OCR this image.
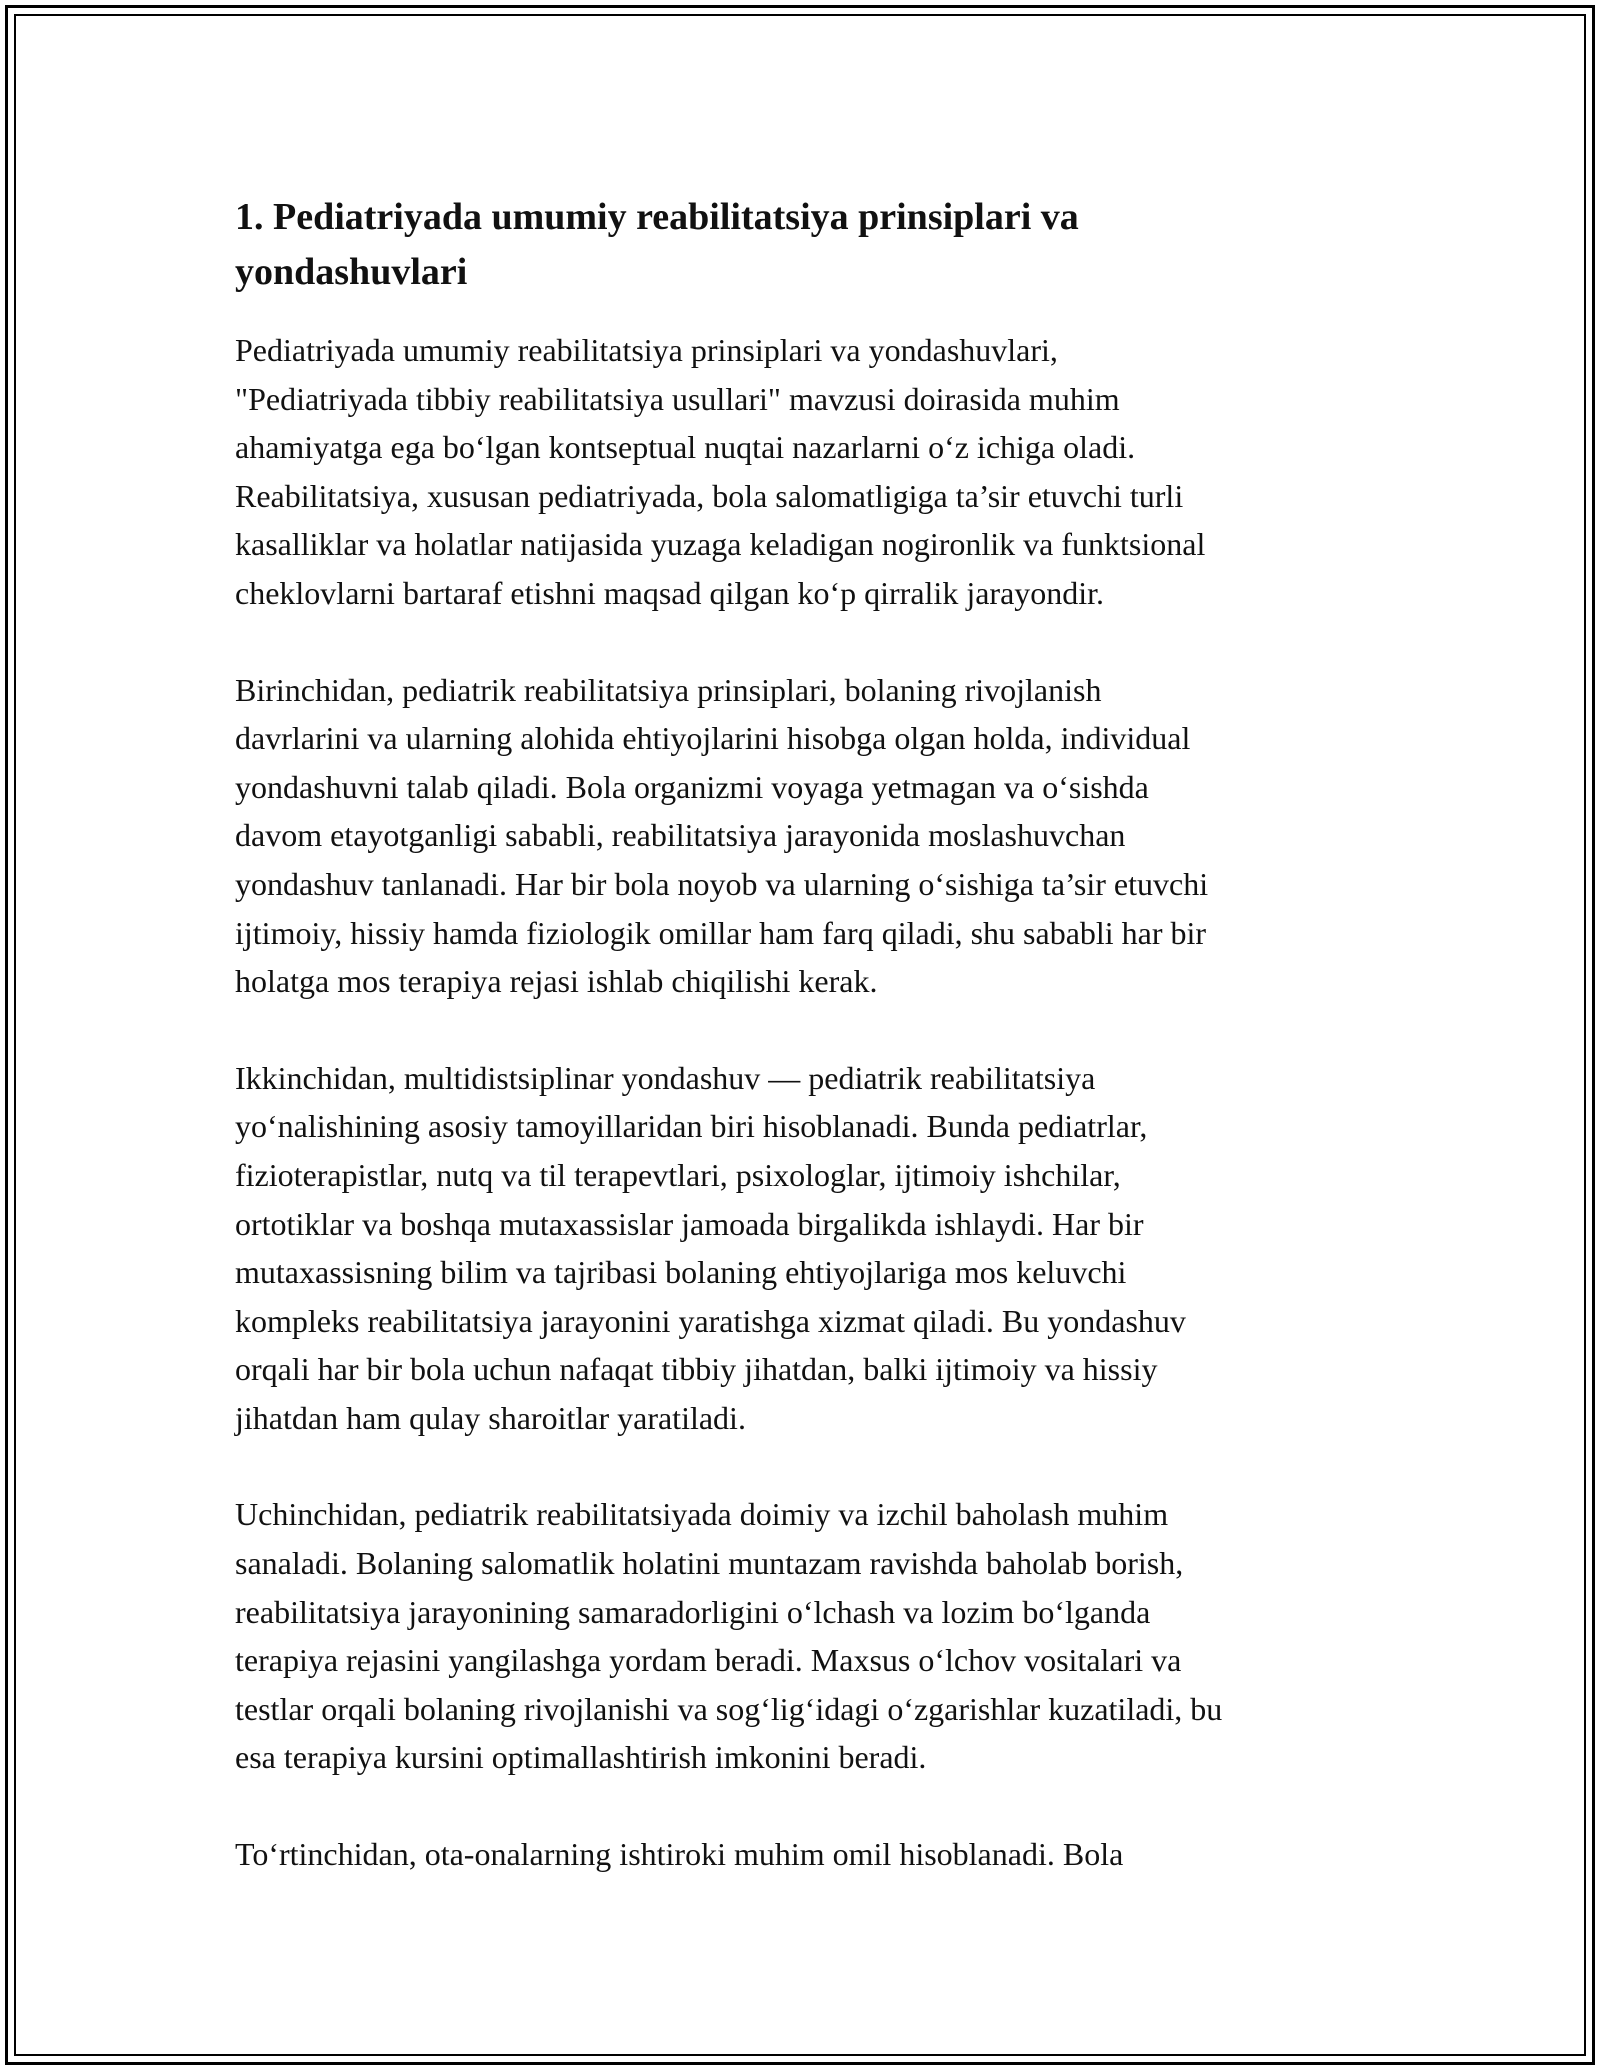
1. Pediatriyada umumiy reabilitatsiya prinsiplari va
yondashuvlari

Pediatriyada umumiy reabilitatsiya prinsiplari va yondashuvlari,
"Pediatriyada tibbiy reabilitatsiya usullari" mavzusi doirasida muhim
ahamiyatga ega bo‘lgan kontseptual nuqtai nazarlarni o‘z ichiga oladi.
Reabilitatsiya, xususan pediatriyada, bola salomatligiga ta’sir etuvchi turli
kasalliklar va holatlar natijasida yuzaga keladigan nogironlik va funktsional
cheklovlarni bartaraf etishni maqsad qilgan ko‘p qirralik jarayondir.

Birinchidan, pediatrik reabilitatsiya prinsiplari, bolaning rivojlanish
davrlarini va ularning alohida ehtiyojlarini hisobga olgan holda, individual
yondashuvni talab qiladi. Bola organizmi voyaga yetmagan va o‘sishda
davom etayotganligi sababli, reabilitatsiya jarayonida moslashuvchan
yondashuv tanlanadi. Har bir bola noyob va ularning o‘sishiga ta’sir etuvchi
ijtimoiy, hissiy hamda fiziologik omillar ham farq qiladi, shu sababli har bir
holatga mos terapiya rejasi ishlab chiqilishi kerak.

Ikkinchidan, multidistsiplinar yondashuv — pediatrik reabilitatsiya
yo‘nalishining asosiy tamoyillaridan biri hisoblanadi. Bunda pediatrlar,
fizioterapistlar, nutq va til terapevtlari, psixologlar, ijtimoiy ishchilar,
ortotiklar va boshqa mutaxassislar jamoada birgalikda ishlaydi. Har bir
mutaxassisning bilim va tajribasi bolaning ehtiyojlariga mos keluvchi
kompleks reabilitatsiya jarayonini yaratishga xizmat qiladi. Bu yondashuv
orqali har bir bola uchun nafaqat tibbiy jihatdan, balki ijtimoiy va hissiy
jihatdan ham qulay sharoitlar yaratiladi.

Uchinchidan, pediatrik reabilitatsiyada doimiy va izchil baholash muhim
sanaladi. Bolaning salomatlik holatini muntazam ravishda baholab borish,
reabilitatsiya jarayonining samaradorligini o‘lchash va lozim bo‘lganda
terapiya rejasini yangilashga yordam beradi. Maxsus o‘lchov vositalari va
testlar orqali bolaning rivojlanishi va sog‘lig‘idagi o‘zgarishlar kuzatiladi, bu
esa terapiya kursini optimallashtirish imkonini beradi.

To‘rtinchidan, ota-onalarning ishtiroki muhim omil hisoblanadi. Bola
